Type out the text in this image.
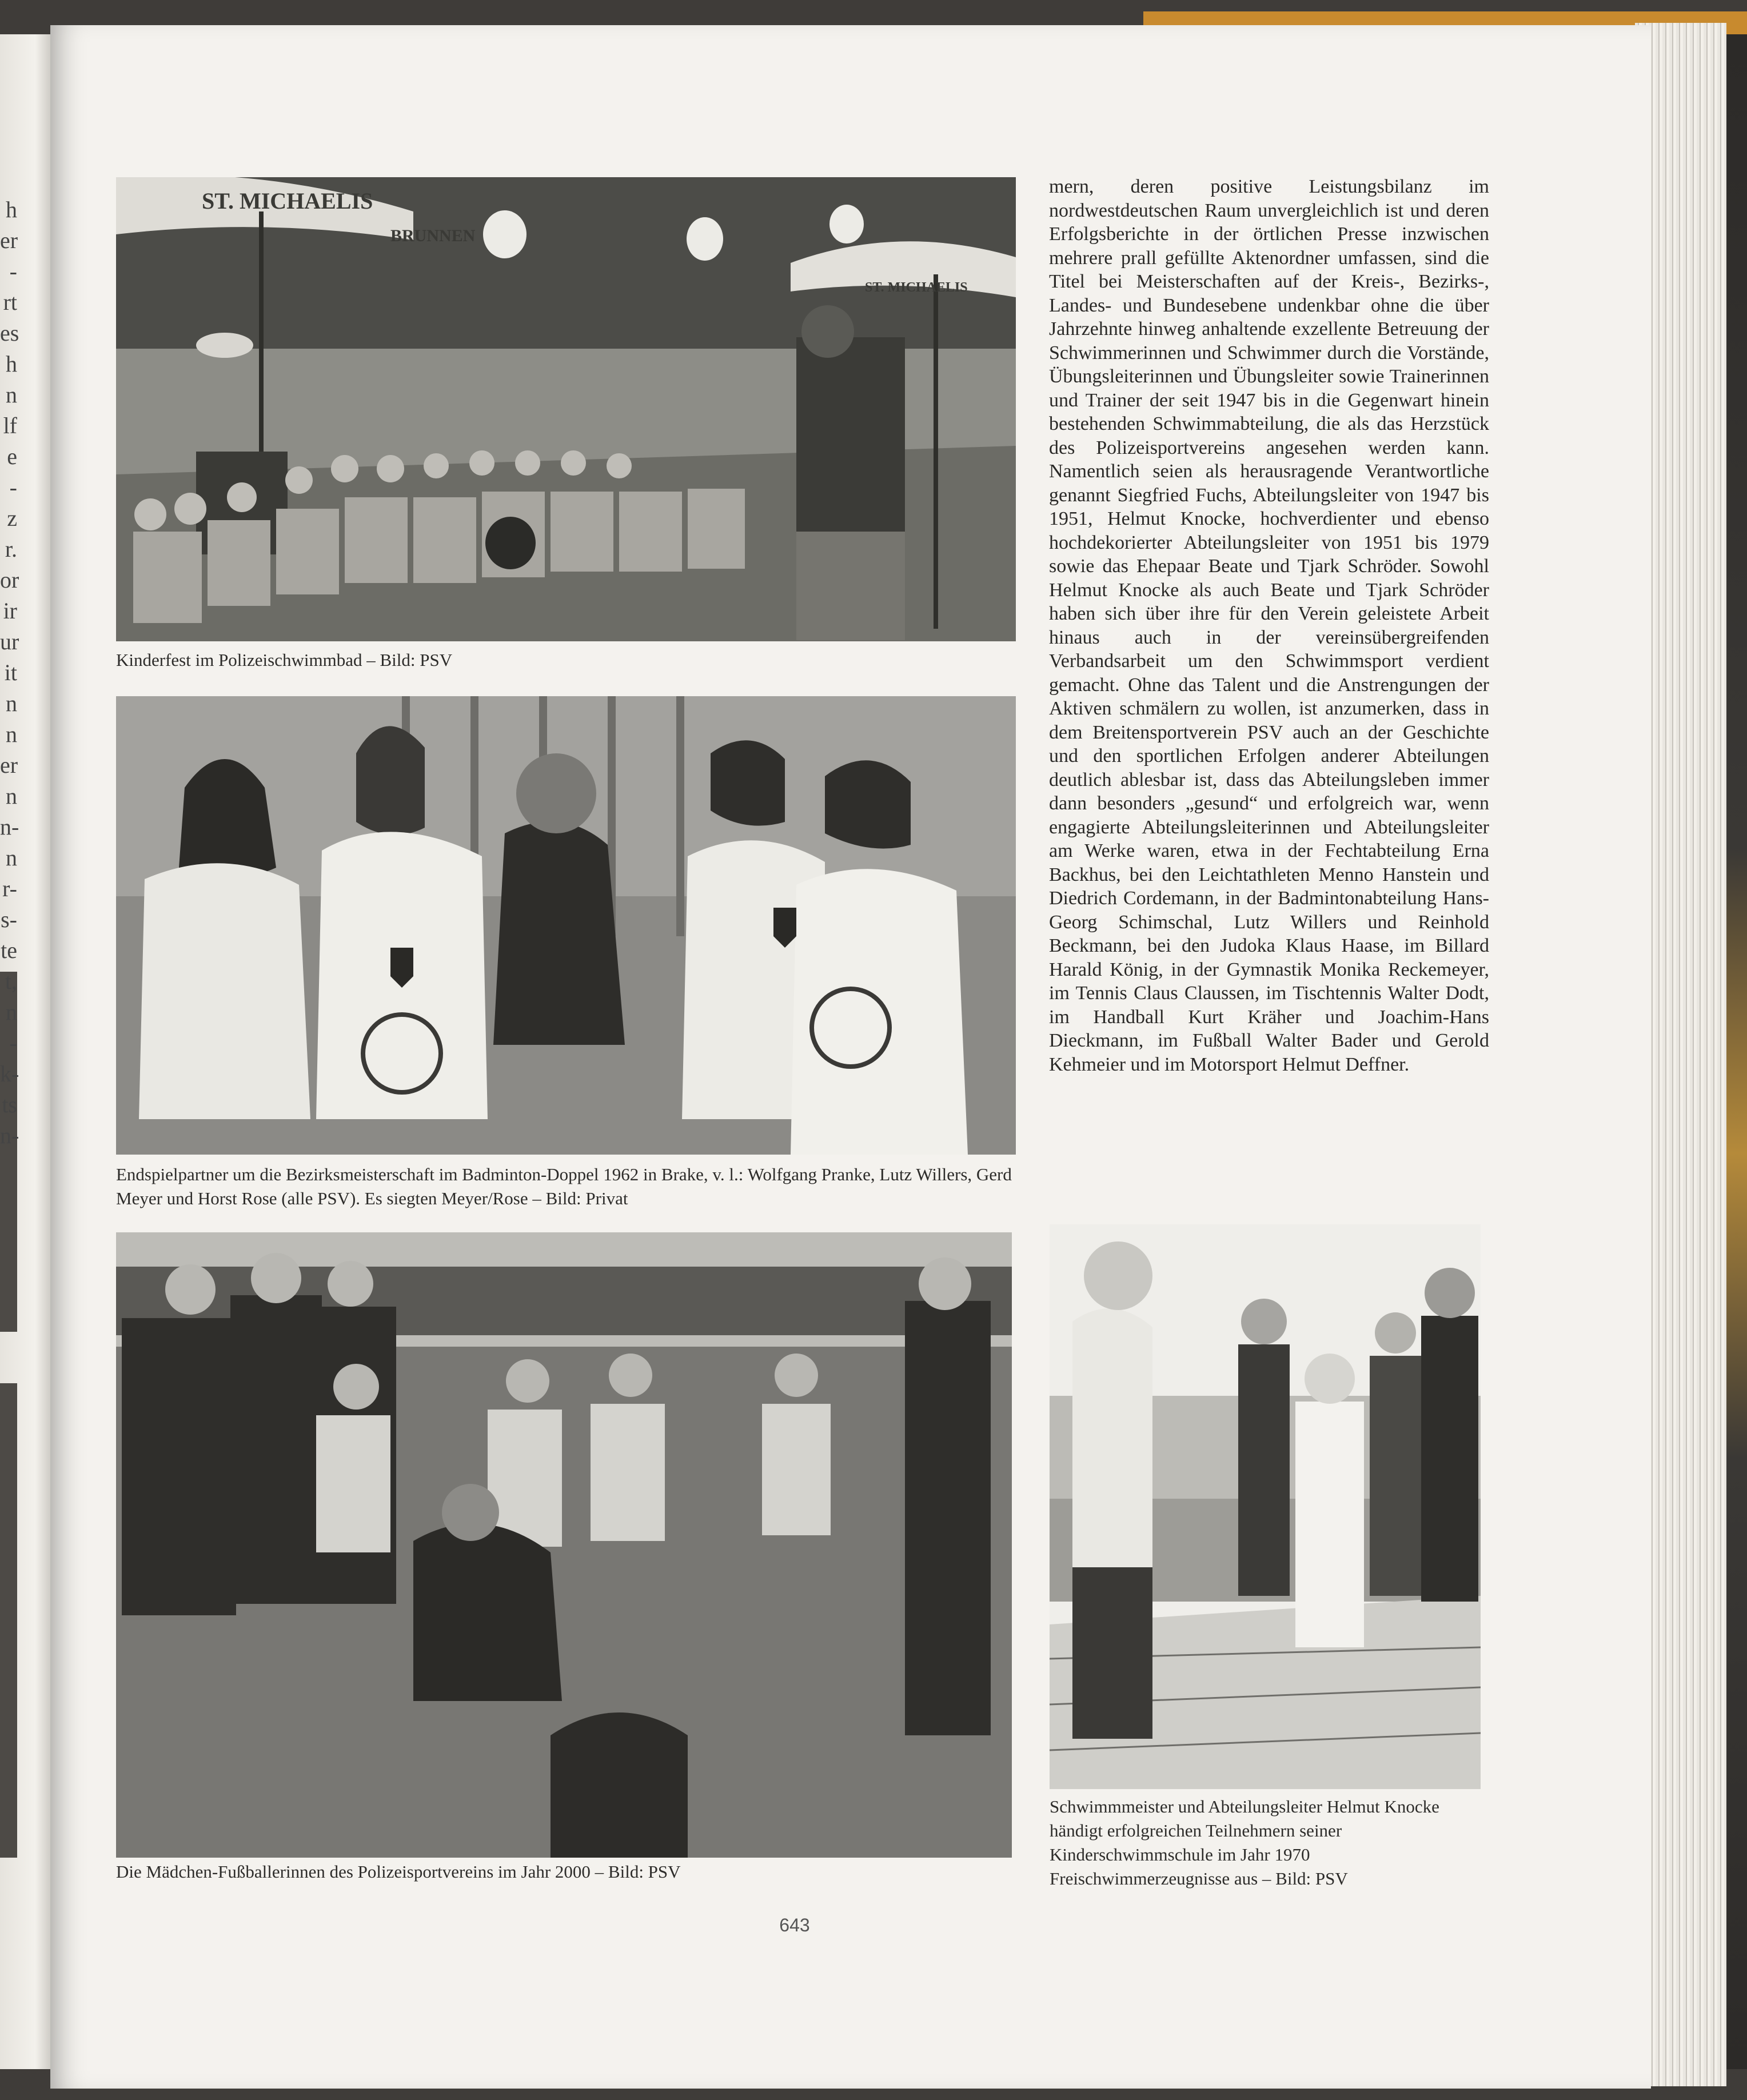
h
er
-
rt
es
h
n
lf
e
-
z
r.
or
ir
ur
it
n
n
er
n
n-
n
r-
s-
te
t,
n
-
k-
ts
n-
ST. MICHAELIS
BRUNNEN
ST. MICHAELIS

Kinderfest im Polizeischwimmbad – Bild: PSV

Endspielpartner um die Bezirksmeisterschaft im Badminton-Doppel 1962 in Brake, v. l.: Wolfgang Pranke, Lutz Willers, Gerd Meyer und Horst Rose (alle PSV). Es siegten Meyer/Rose – Bild: Privat

Die Mädchen-Fußballerinnen des Polizeisportvereins im Jahr 2000 – Bild: PSV

Schwimmmeister und Abteilungsleiter Helmut Knocke händigt erfolgreichen Teilnehmern seiner Kinderschwimmschule im Jahr 1970 Freischwimmerzeugnisse aus – Bild: PSV

mern, deren positive Leistungsbilanz im nordwestdeutschen Raum unvergleichlich ist und deren Erfolgsberichte in der örtlichen Presse inzwischen mehrere prall gefüllte Aktenordner umfassen, sind die Titel bei Meisterschaften auf der Kreis-, Bezirks-, Landes- und Bundesebene undenkbar ohne die über Jahrzehnte hinweg anhaltende exzellente Betreuung der Schwimmerinnen und Schwimmer durch die Vorstände, Übungsleiterinnen und Übungsleiter sowie Trainerinnen und Trainer der seit 1947 bis in die Gegenwart hinein bestehenden Schwimmabteilung, die als das Herzstück des Polizeisportvereins angesehen werden kann. Namentlich seien als herausragende Verantwortliche genannt Siegfried Fuchs, Abteilungsleiter von 1947 bis 1951, Helmut Knocke, hochverdienter und ebenso hochdekorierter Abteilungsleiter von 1951 bis 1979 sowie das Ehepaar Beate und Tjark Schröder. Sowohl Helmut Knocke als auch Beate und Tjark Schröder haben sich über ihre für den Verein geleistete Arbeit hinaus auch in der vereinsübergreifenden Verbandsarbeit um den Schwimmsport verdient gemacht. Ohne das Talent und die Anstrengungen der Aktiven schmälern zu wollen, ist anzumerken, dass in dem Breitensportverein PSV auch an der Geschichte und den sportlichen Erfolgen anderer Abteilungen deutlich ablesbar ist, dass das Abteilungsleben immer dann besonders „gesund“ und erfolgreich war, wenn engagierte Abteilungsleiterinnen und Abteilungsleiter am Werke waren, etwa in der Fechtabteilung Erna Backhus, bei den Leichtathleten Menno Hanstein und Diedrich Cordemann, in der Badmintonabteilung Hans-Georg Schimschal, Lutz Willers und Reinhold Beckmann, bei den Judoka Klaus Haase, im Billard Harald König, in der Gymnastik Monika Reckemeyer, im Tennis Claus Claussen, im Tischtennis Walter Dodt, im Handball Kurt Kräher und Joachim-Hans Dieckmann, im Fußball Walter Bader und Gerold Kehmeier und im Motorsport Helmut Deffner.

643
